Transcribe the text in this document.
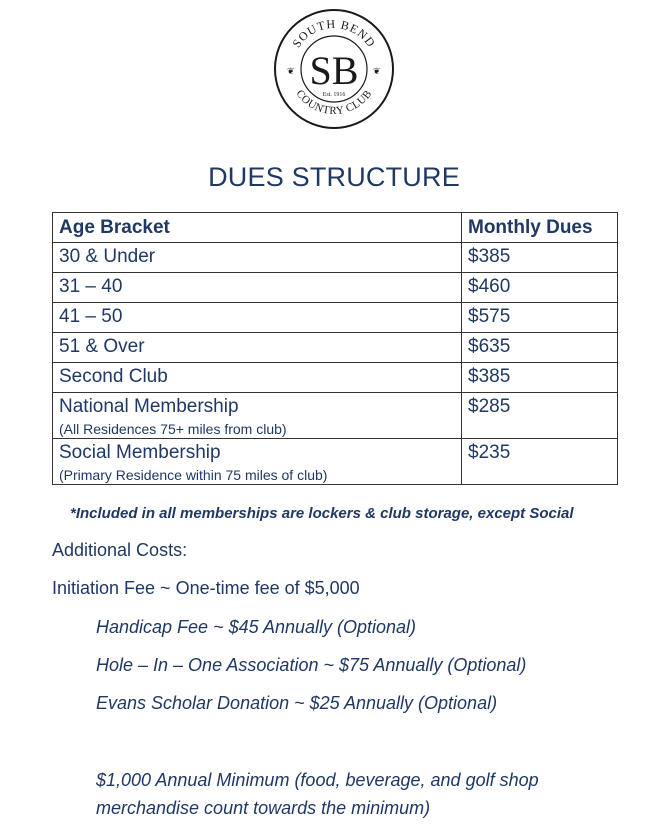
SOUTH BEND
COUNTRY CLUB
SB
Est. 1916
❦	❦
DUES STRUCTURE
Age Bracket	Monthly Dues
30 & Under	$385
31 – 40	$460
41 – 50	$575
51 & Over	$635
Second Club	$385
National Membership
(All Residences 75+ miles from club)	$285
Social Membership
(Primary Residence within 75 miles of club)	$235
*Included in all memberships are lockers & club storage, except Social
Additional Costs:
Initiation Fee ~ One-time fee of $5,000
Handicap Fee ~ $45 Annually (Optional)
Hole – In – One Association ~ $75 Annually (Optional)
Evans Scholar Donation ~ $25 Annually (Optional)
$1,000 Annual Minimum (food, beverage, and golf shop
merchandise count towards the minimum)
